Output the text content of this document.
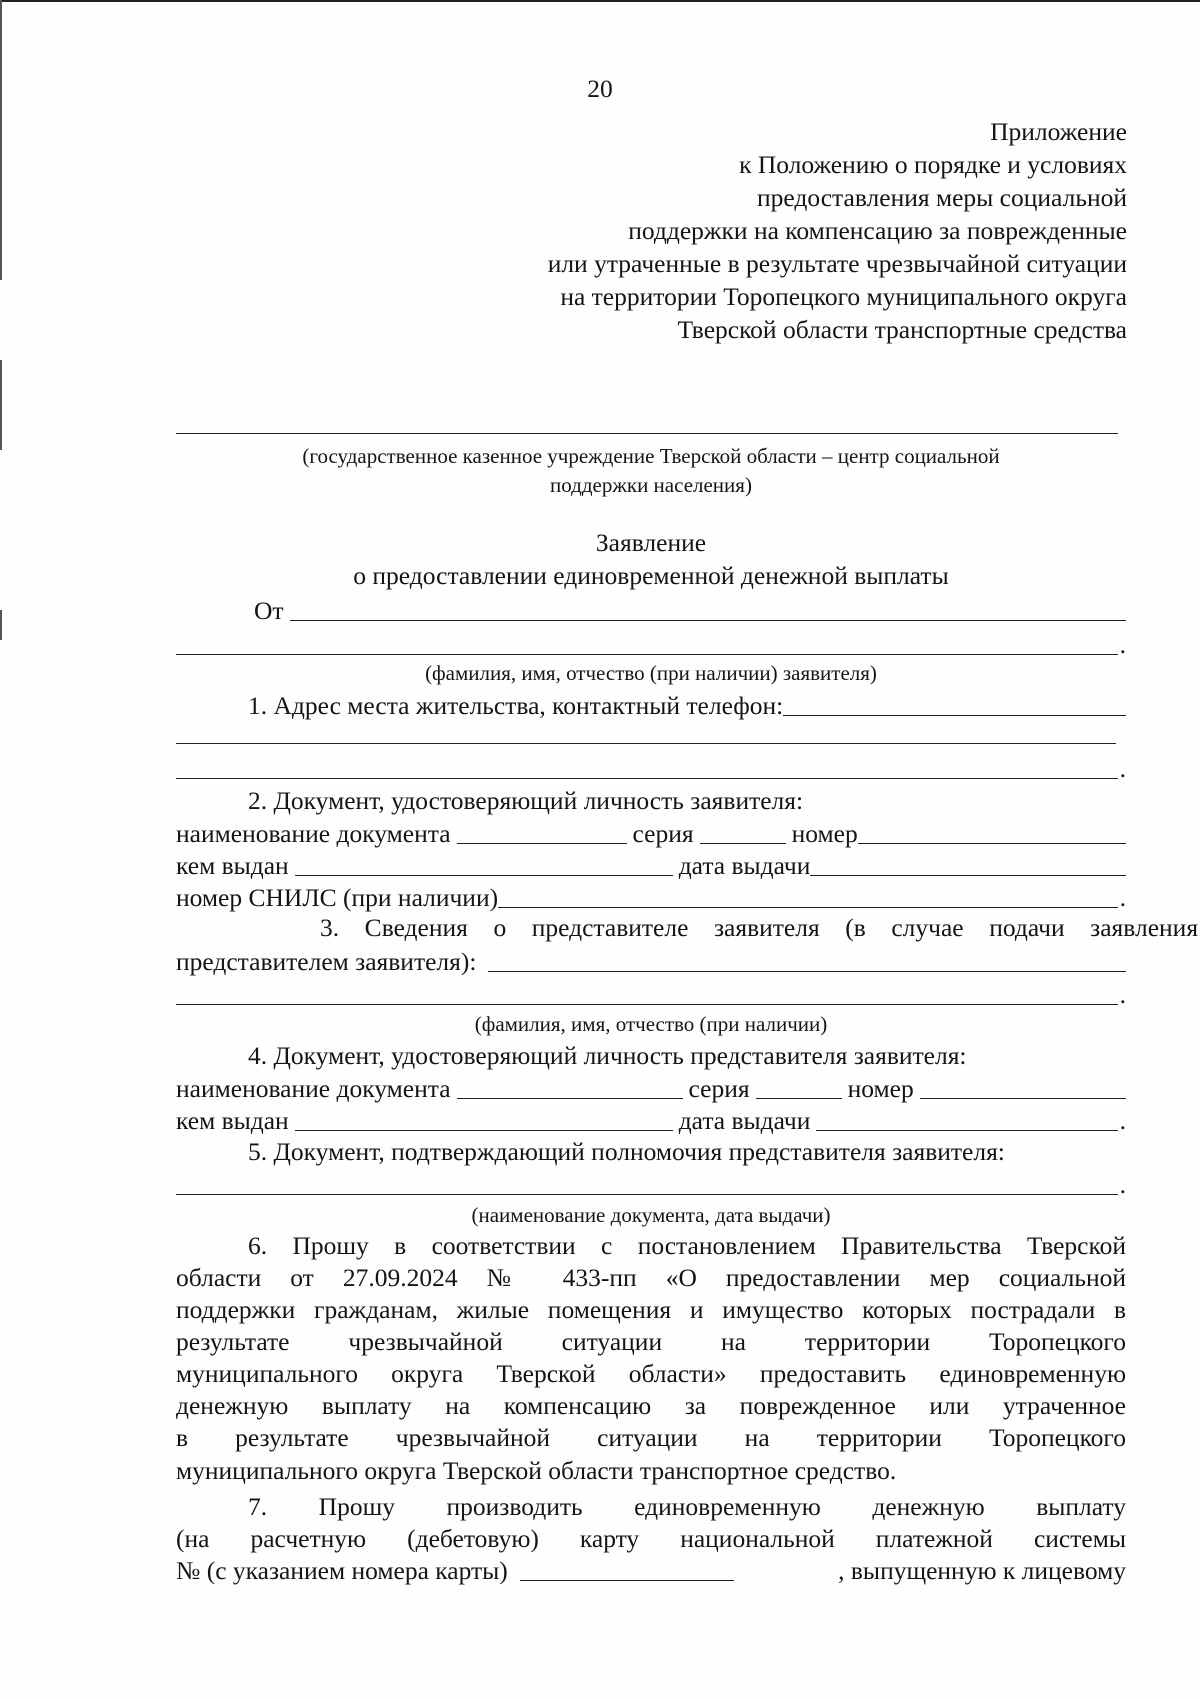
20
Приложение
к Положению о порядке и условиях
предоставления меры социальной
поддержки на компенсацию за поврежденные
или утраченные в результате чрезвычайной ситуации
на территории Торопецкого муниципального округа
Тверской области транспортные средства
(государственное казенное учреждение Тверской области – центр социальной
поддержки населения)
Заявление
о предоставлении единовременной денежной выплаты
От
.
(фамилия, имя, отчество (при наличии) заявителя)
1. Адрес места жительства, контактный телефон:
.
2. Документ, удостоверяющий личность заявителя:
наименование документа	серия	номер
кем выдан	дата выдачи
номер СНИЛС (при наличии)	.
3. Сведения о представителе заявителя (в случае подачи заявления
представителем заявителя):
.
(фамилия, имя, отчество (при наличии)
4. Документ, удостоверяющий личность представителя заявителя:
наименование документа	серия	номер
кем выдан	дата выдачи	.
5. Документ, подтверждающий полномочия представителя заявителя:
.
(наименование документа, дата выдачи)
6. Прошу в соответствии с постановлением Правительства Тверской
области от 27.09.2024 № 433-пп «О предоставлении мер социальной
поддержки гражданам, жилые помещения и имущество которых пострадали в
результате чрезвычайной ситуации на территории Торопецкого
муниципального округа Тверской области» предоставить единовременную
денежную выплату на компенсацию за поврежденное или утраченное
в результате чрезвычайной ситуации на территории Торопецкого
муниципального округа Тверской области транспортное средство.
7. Прошу производить единовременную денежную выплату
(на расчетную (дебетовую) карту национальной платежной системы
№ (с указанием номера карты)	, выпущенную к лицевому
